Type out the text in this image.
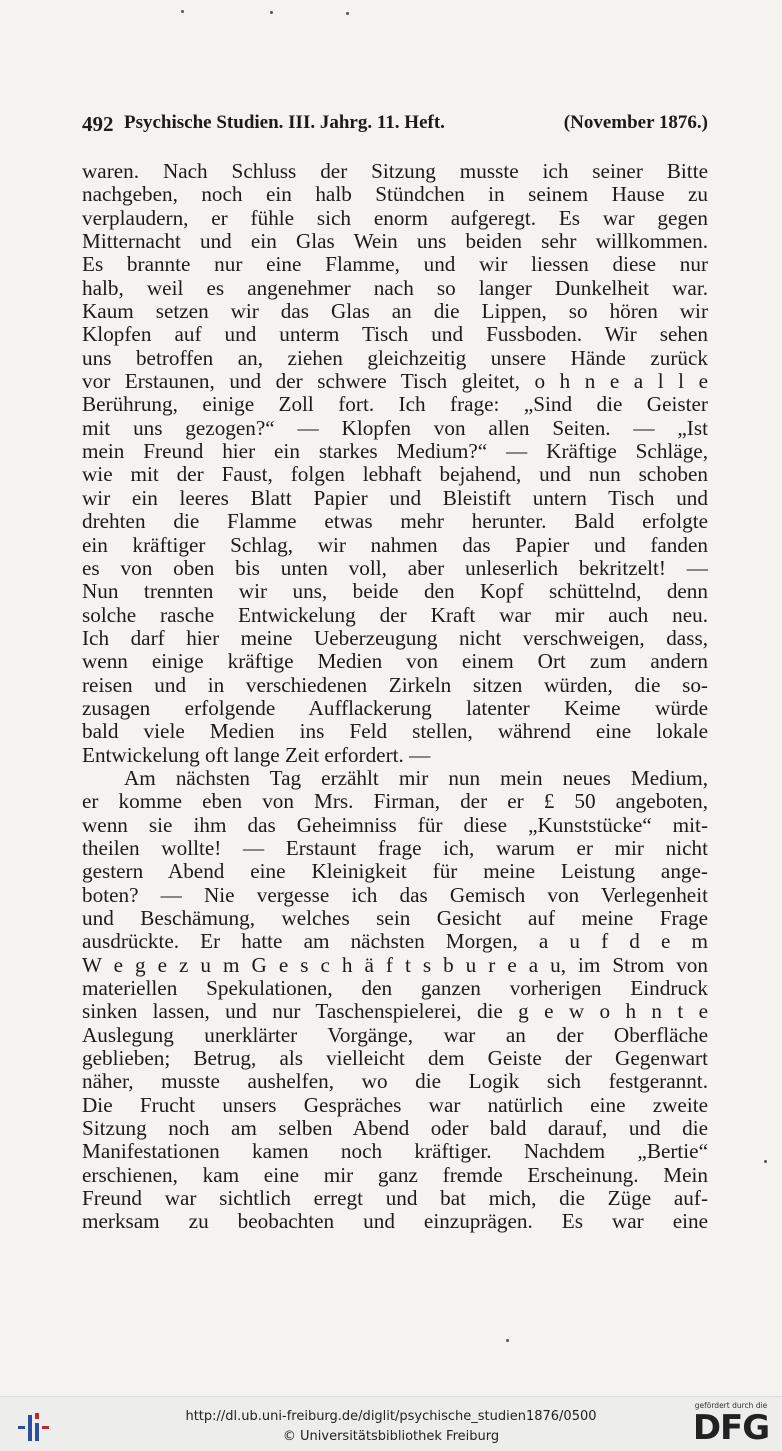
492 Psychische Studien. III. Jahrg. 11. Heft.	(November 1876.)
waren. Nach Schluss der Sitzung musste ich seiner Bitte
nachgeben, noch ein halb Stündchen in seinem Hause zu
verplaudern, er fühle sich enorm aufgeregt. Es war gegen
Mitternacht und ein Glas Wein uns beiden sehr willkommen.
Es brannte nur eine Flamme, und wir liessen diese nur
halb, weil es angenehmer nach so langer Dunkelheit war.
Kaum setzen wir das Glas an die Lippen, so hören wir
Klopfen auf und unterm Tisch und Fussboden. Wir sehen
uns betroffen an, ziehen gleichzeitig unsere Hände zurück
vor Erstaunen, und der schwere Tisch gleitet, o h n e a l l e
Berührung, einige Zoll fort. Ich frage: „Sind die Geister
mit uns gezogen?“ — Klopfen von allen Seiten. — „Ist
mein Freund hier ein starkes Medium?“ — Kräftige Schläge,
wie mit der Faust, folgen lebhaft bejahend, und nun schoben
wir ein leeres Blatt Papier und Bleistift untern Tisch und
drehten die Flamme etwas mehr herunter. Bald erfolgte
ein kräftiger Schlag, wir nahmen das Papier und fanden
es von oben bis unten voll, aber unleserlich bekritzelt! —
Nun trennten wir uns, beide den Kopf schüttelnd, denn
solche rasche Entwickelung der Kraft war mir auch neu.
Ich darf hier meine Ueberzeugung nicht verschweigen, dass,
wenn einige kräftige Medien von einem Ort zum andern
reisen und in verschiedenen Zirkeln sitzen würden, die so-
zusagen erfolgende Aufflackerung latenter Keime würde
bald viele Medien ins Feld stellen, während eine lokale
Entwickelung oft lange Zeit erfordert. —
Am nächsten Tag erzählt mir nun mein neues Medium,
er komme eben von Mrs. Firman, der er £ 50 angeboten,
wenn sie ihm das Geheimniss für diese „Kunststücke“ mit-
theilen wollte! — Erstaunt frage ich, warum er mir nicht
gestern Abend eine Kleinigkeit für meine Leistung ange-
boten? — Nie vergesse ich das Gemisch von Verlegenheit
und Beschämung, welches sein Gesicht auf meine Frage
ausdrückte. Er hatte am nächsten Morgen, a u f d e m
W e g e z u m G e s c h ä f t s b u r e a u, im Strom von
materiellen Spekulationen, den ganzen vorherigen Eindruck
sinken lassen, und nur Taschenspielerei, die g e w o h n t e
Auslegung unerklärter Vorgänge, war an der Oberfläche
geblieben; Betrug, als vielleicht dem Geiste der Gegenwart
näher, musste aushelfen, wo die Logik sich festgerannt.
Die Frucht unsers Gespräches war natürlich eine zweite
Sitzung noch am selben Abend oder bald darauf, und die
Manifestationen kamen noch kräftiger. Nachdem „Bertie“
erschienen, kam eine mir ganz fremde Erscheinung. Mein
Freund war sichtlich erregt und bat mich, die Züge auf-
merksam zu beobachten und einzuprägen. Es war eine
http://dl.ub.uni-freiburg.de/diglit/psychische_studien1876/0500
© Universitätsbibliothek Freiburg
gefördert durch die
DFG
